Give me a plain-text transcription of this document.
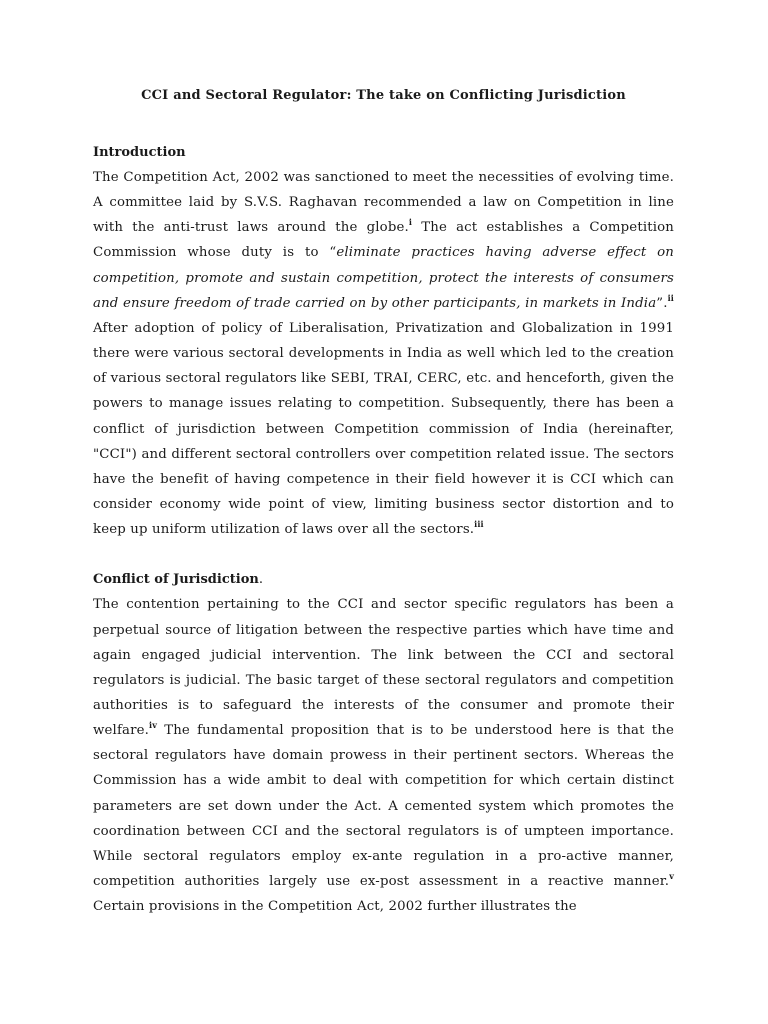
CCI and Sectoral Regulator: The take on Conflicting Jurisdiction

Introduction

The Competition Act, 2002 was sanctioned to meet the necessities of evolving time. A committee laid by S.V.S. Raghavan recommended a law on Competition in line with the anti-trust laws around the globe.$^i$ The act establishes a Competition Commission whose duty is to “eliminate practices having adverse effect on competition, promote and sustain competition, protect the interests of consumers and ensure freedom of trade carried on by other participants, in markets in India”.$^{ii}$ After adoption of policy of Liberalisation, Privatization and Globalization in 1991 there were various sectoral developments in India as well which led to the creation of various sectoral regulators like SEBI, TRAI, CERC, etc. and henceforth, given the powers to manage issues relating to competition. Subsequently, there has been a conflict of jurisdiction between Competition commission of India (hereinafter, "CCI") and different sectoral controllers over competition related issue. The sectors have the benefit of having competence in their field however it is CCI which can consider economy wide point of view, limiting business sector distortion and to keep up uniform utilization of laws over all the sectors.$^{iii}$

Conflict of Jurisdiction.

The contention pertaining to the CCI and sector specific regulators has been a perpetual source of litigation between the respective parties which have time and again engaged judicial intervention. The link between the CCI and sectoral regulators is judicial. The basic target of these sectoral regulators and competition authorities is to safeguard the interests of the consumer and promote their welfare.$^{iv}$ The fundamental proposition that is to be understood here is that the sectoral regulators have domain prowess in their pertinent sectors. Whereas the Commission has a wide ambit to deal with competition for which certain distinct parameters are set down under the Act. A cemented system which promotes the coordination between CCI and the sectoral regulators is of umpteen importance. While sectoral regulators employ ex-ante regulation in a pro-active manner, competition authorities largely use ex-post assessment in a reactive manner.$^v$ Certain provisions in the Competition Act, 2002 further illustrates the
